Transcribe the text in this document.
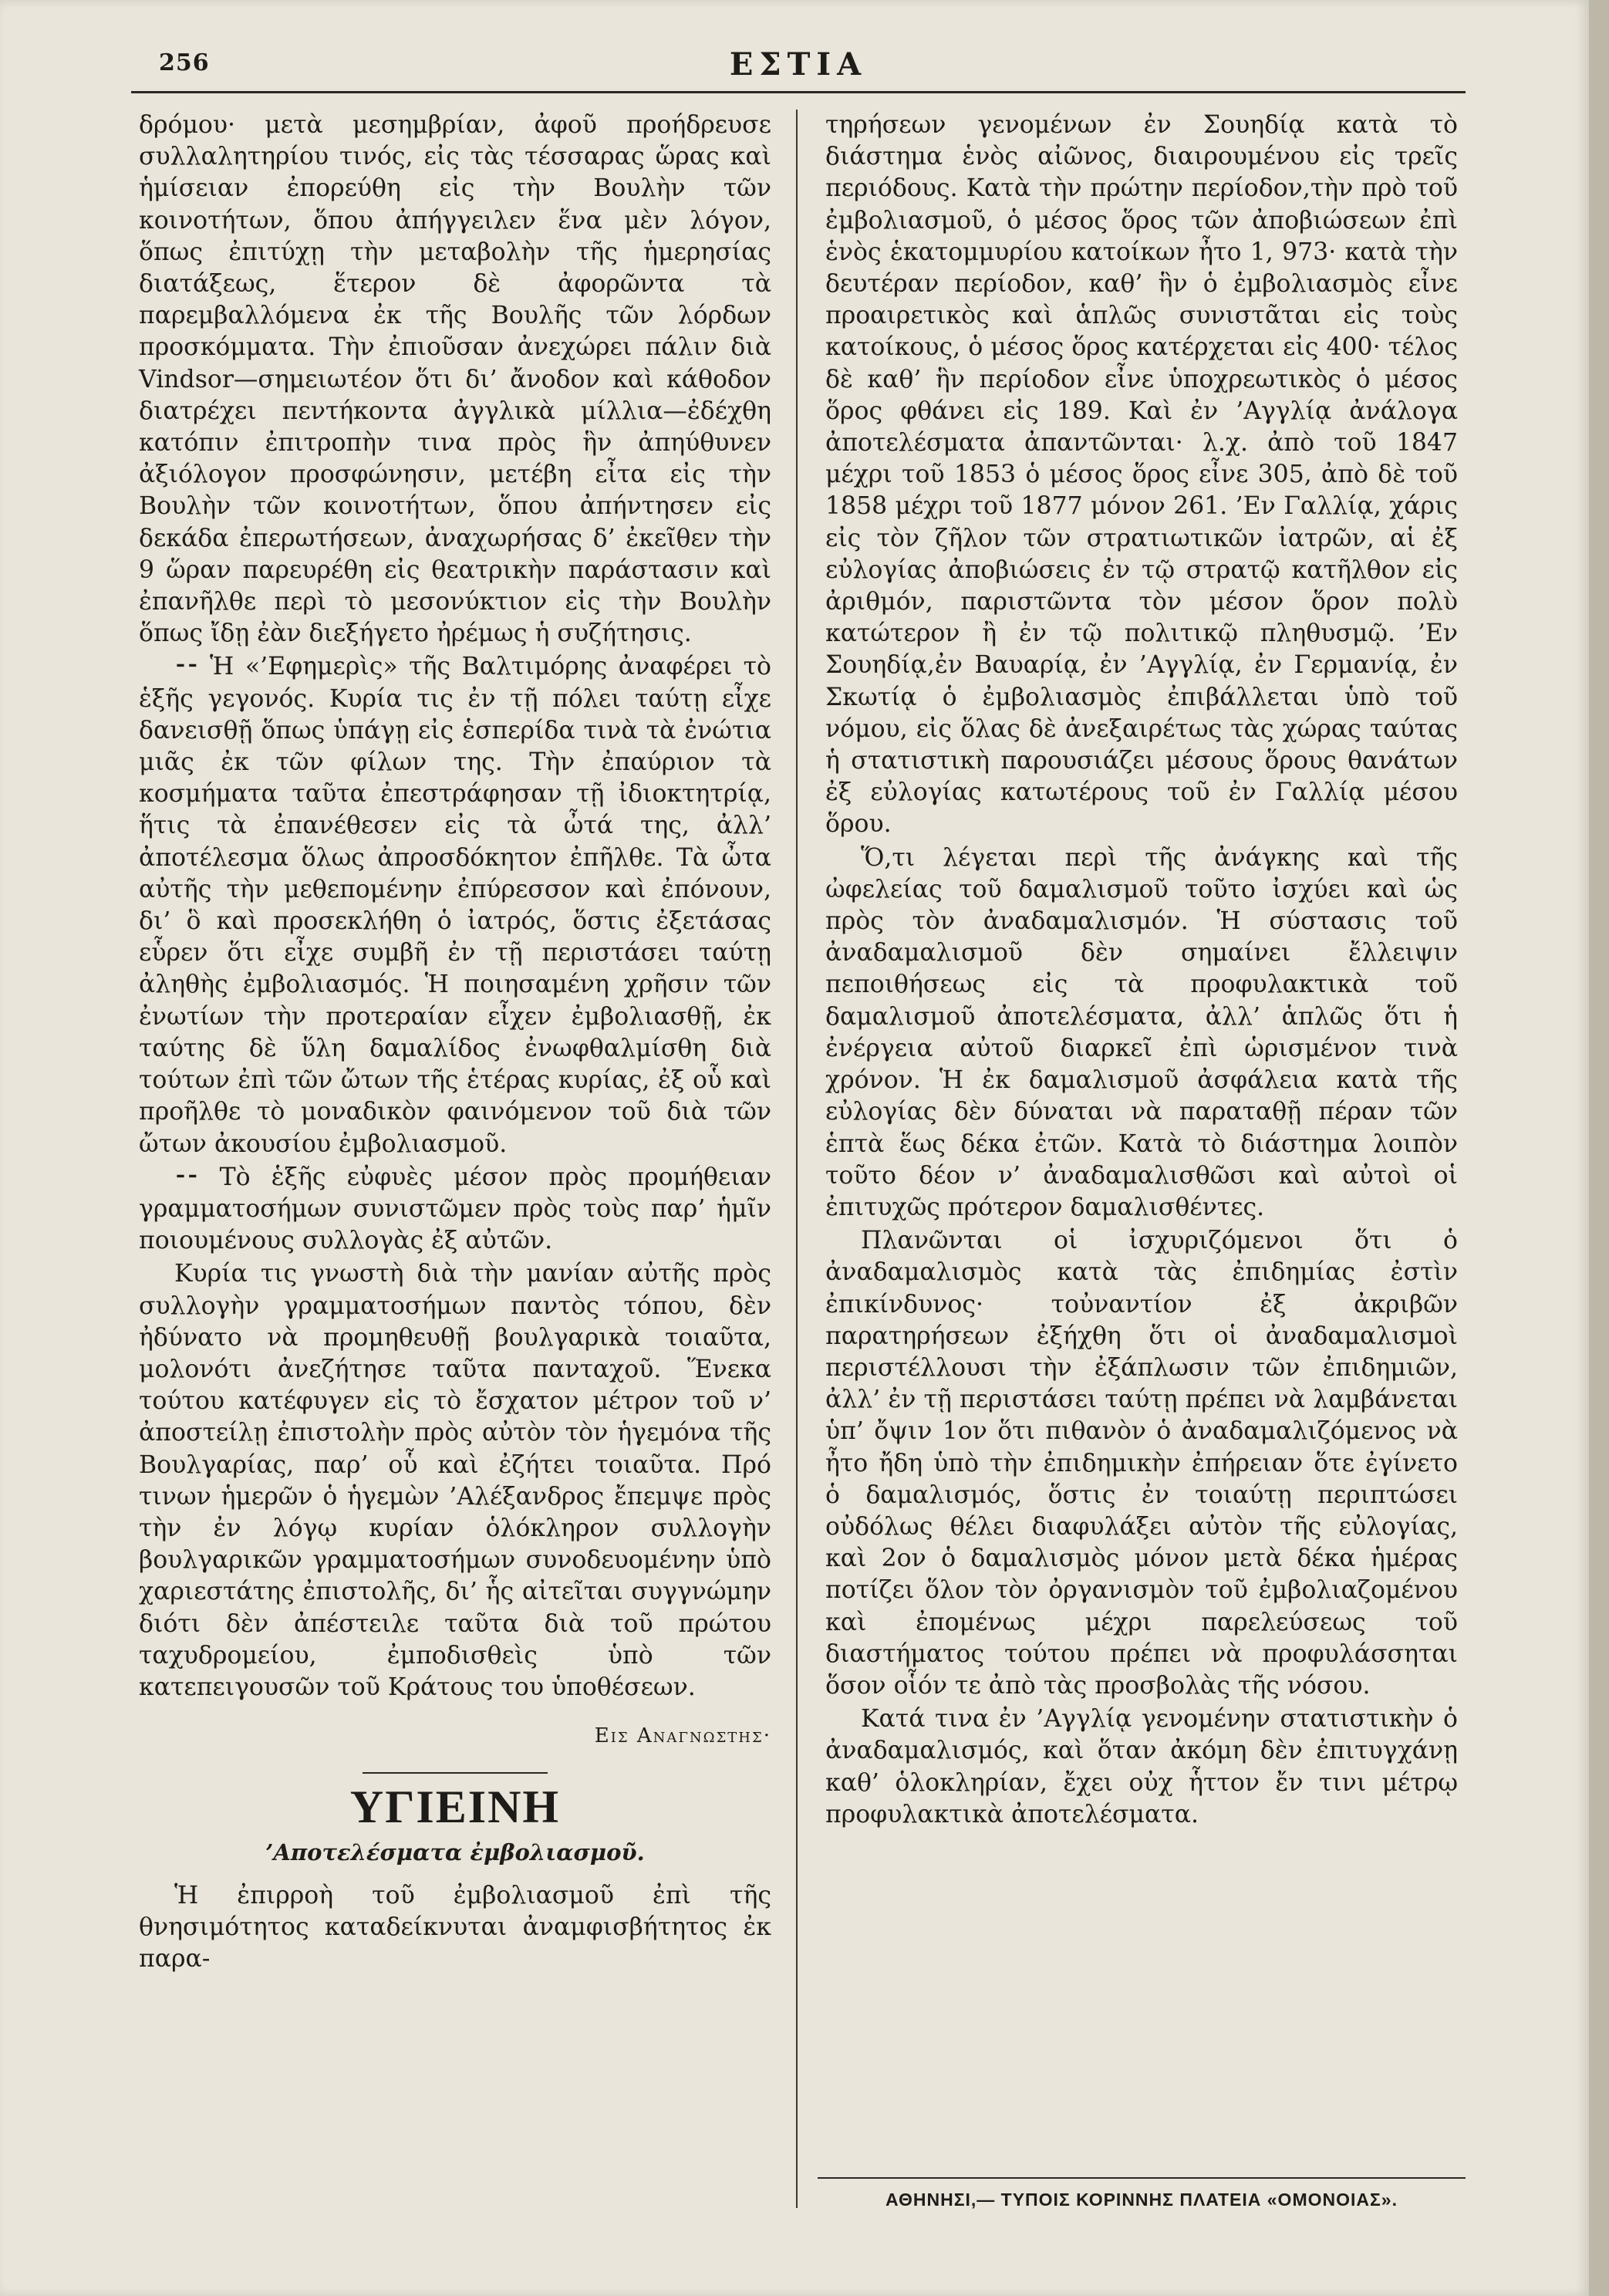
256	ΕΣΤΙΑ

δρόμου· μετὰ μεσημβρίαν, ἀφοῦ προήδρευσε συλλαλητηρίου τινός, εἰς τὰς τέσσαρας ὥρας καὶ ἡμίσειαν ἐπορεύθη εἰς τὴν Βουλὴν τῶν κοινοτήτων, ὅπου ἀπήγγειλεν ἕνα μὲν λόγον, ὅπως ἐπιτύχῃ τὴν μεταβολὴν τῆς ἡμερησίας διατάξεως, ἕτερον δὲ ἀφορῶντα τὰ παρεμβαλλόμενα ἐκ τῆς Βουλῆς τῶν λόρδων προσκόμματα. Τὴν ἐπιοῦσαν ἀνεχώρει πάλιν διὰ Vindsor—σημειωτέον ὅτι δι’ ἄνοδον καὶ κάθοδον διατρέχει πεντήκοντα ἀγγλικὰ μίλλια—ἐδέχθη κατόπιν ἐπιτροπὴν τινα πρὸς ἣν ἀπηύθυνεν ἀξιόλογον προσφώνησιν, μετέβη εἶτα εἰς τὴν Βουλὴν τῶν κοινοτήτων, ὅπου ἀπήντησεν εἰς δεκάδα ἐπερωτήσεων, ἀναχωρήσας δ’ ἐκεῖθεν τὴν 9 ὥραν παρευρέθη εἰς θεατρικὴν παράστασιν καὶ ἐπανῆλθε περὶ τὸ μεσονύκτιον εἰς τὴν Βουλὴν ὅπως ἴδῃ ἐὰν διεξήγετο ἠρέμως ἡ συζήτησις.

⁃⁃ Ἡ «’Εφημερὶς» τῆς Βαλτιμόρης ἀναφέρει τὸ ἑξῆς γεγονός. Κυρία τις ἐν τῇ πόλει ταύτῃ εἶχε δανεισθῇ ὅπως ὑπάγῃ εἰς ἑσπερίδα τινὰ τὰ ἐνώτια μιᾶς ἐκ τῶν φίλων της. Τὴν ἐπαύριον τὰ κοσμήματα ταῦτα ἐπεστράφησαν τῇ ἰδιοκτητρίᾳ, ἥτις τὰ ἐπανέθεσεν εἰς τὰ ὦτά της, ἀλλ’ ἀποτέλεσμα ὅλως ἀπροσδόκητον ἐπῆλθε. Τὰ ὦτα αὐτῆς τὴν μεθεπομένην ἐπύρεσσον καὶ ἐπόνουν, δι’ ὃ καὶ προσεκλήθη ὁ ἰατρός, ὅστις ἐξετάσας εὗρεν ὅτι εἶχε συμβῆ ἐν τῇ περιστάσει ταύτῃ ἀληθὴς ἐμβολιασμός. Ἡ ποιησαμένη χρῆσιν τῶν ἐνωτίων τὴν προτεραίαν εἶχεν ἐμβολιασθῇ, ἐκ ταύτης δὲ ὕλη δαμαλίδος ἐνωφθαλμίσθη διὰ τούτων ἐπὶ τῶν ὤτων τῆς ἑτέρας κυρίας, ἐξ οὗ καὶ προῆλθε τὸ μοναδικὸν φαινόμενον τοῦ διὰ τῶν ὤτων ἀκουσίου ἐμβολιασμοῦ.

⁃⁃ Τὸ ἑξῆς εὐφυὲς μέσον πρὸς προμήθειαν γραμματοσήμων συνιστῶμεν πρὸς τοὺς παρ’ ἡμῖν ποιουμένους συλλογὰς ἐξ αὐτῶν.

Κυρία τις γνωστὴ διὰ τὴν μανίαν αὐτῆς πρὸς συλλογὴν γραμματοσήμων παντὸς τόπου, δὲν ἠδύνατο νὰ προμηθευθῇ βουλγαρικὰ τοιαῦτα, μολονότι ἀνεζήτησε ταῦτα πανταχοῦ. Ἕνεκα τούτου κατέφυγεν εἰς τὸ ἔσχατον μέτρον τοῦ ν’ ἀποστείλῃ ἐπιστολὴν πρὸς αὐτὸν τὸν ἡγεμόνα τῆς Βουλγαρίας, παρ’ οὗ καὶ ἐζήτει τοιαῦτα. Πρό τινων ἡμερῶν ὁ ἡγεμὼν ’Αλέξανδρος ἔπεμψε πρὸς τὴν ἐν λόγῳ κυρίαν ὁλόκληρον συλλογὴν βουλγαρικῶν γραμματοσήμων συνοδευομένην ὑπὸ χαριεστάτης ἐπιστολῆς, δι’ ἧς αἰτεῖται συγγνώμην διότι δὲν ἀπέστειλε ταῦτα διὰ τοῦ πρώτου ταχυδρομείου, ἐμποδισθεὶς ὑπὸ τῶν κατεπειγουσῶν τοῦ Κράτους του ὑποθέσεων.

Εις Αναγνωστης·

ΥΓΙΕΙΝΗ

’Αποτελέσματα ἐμβολιασμοῦ.

Ἡ ἐπιρροὴ τοῦ ἐμβολιασμοῦ ἐπὶ τῆς θνησιμότητος καταδείκνυται ἀναμφισβήτητος ἐκ παρα-

τηρήσεων γενομένων ἐν Σουηδίᾳ κατὰ τὸ διάστημα ἑνὸς αἰῶνος, διαιρουμένου εἰς τρεῖς περιόδους. Κατὰ τὴν πρώτην περίοδον,τὴν πρὸ τοῦ ἐμβολιασμοῦ, ὁ μέσος ὅρος τῶν ἀποβιώσεων ἐπὶ ἑνὸς ἑκατομμυρίου κατοίκων ἦτο 1, 973· κατὰ τὴν δευτέραν περίοδον, καθ’ ἣν ὁ ἐμβολιασμὸς εἶνε προαιρετικὸς καὶ ἁπλῶς συνιστᾶται εἰς τοὺς κατοίκους, ὁ μέσος ὅρος κατέρχεται εἰς 400· τέλος δὲ καθ’ ἣν περίοδον εἶνε ὑποχρεωτικὸς ὁ μέσος ὅρος φθάνει εἰς 189. Καὶ ἐν ’Αγγλίᾳ ἀνάλογα ἀποτελέσματα ἀπαντῶνται· λ.χ. ἀπὸ τοῦ 1847 μέχρι τοῦ 1853 ὁ μέσος ὅρος εἶνε 305, ἀπὸ δὲ τοῦ 1858 μέχρι τοῦ 1877 μόνον 261. ’Εν Γαλλίᾳ, χάρις εἰς τὸν ζῆλον τῶν στρατιωτικῶν ἰατρῶν, αἱ ἐξ εὐλογίας ἀποβιώσεις ἐν τῷ στρατῷ κατῆλθον εἰς ἀριθμόν, παριστῶντα τὸν μέσον ὅρον πολὺ κατώτερον ἢ ἐν τῷ πολιτικῷ πληθυσμῷ. ’Εν Σουηδίᾳ,ἐν Βαυαρίᾳ, ἐν ’Αγγλίᾳ, ἐν Γερμανίᾳ, ἐν Σκωτίᾳ ὁ ἐμβολιασμὸς ἐπιβάλλεται ὑπὸ τοῦ νόμου, εἰς ὅλας δὲ ἀνεξαιρέτως τὰς χώρας ταύτας ἡ στατιστικὴ παρουσιάζει μέσους ὅρους θανάτων ἐξ εὐλογίας κατωτέρους τοῦ ἐν Γαλλίᾳ μέσου ὅρου.

Ὅ,τι λέγεται περὶ τῆς ἀνάγκης καὶ τῆς ὠφελείας τοῦ δαμαλισμοῦ τοῦτο ἰσχύει καὶ ὡς πρὸς τὸν ἀναδαμαλισμόν. Ἡ σύστασις τοῦ ἀναδαμαλισμοῦ δὲν σημαίνει ἔλλειψιν πεποιθήσεως εἰς τὰ προφυλακτικὰ τοῦ δαμαλισμοῦ ἀποτελέσματα, ἀλλ’ ἁπλῶς ὅτι ἡ ἐνέργεια αὐτοῦ διαρκεῖ ἐπὶ ὡρισμένον τινὰ χρόνον. Ἡ ἐκ δαμαλισμοῦ ἀσφάλεια κατὰ τῆς εὐλογίας δὲν δύναται νὰ παραταθῇ πέραν τῶν ἑπτὰ ἕως δέκα ἐτῶν. Κατὰ τὸ διάστημα λοιπὸν τοῦτο δέον ν’ ἀναδαμαλισθῶσι καὶ αὐτοὶ οἱ ἐπιτυχῶς πρότερον δαμαλισθέντες.

Πλανῶνται οἱ ἰσχυριζόμενοι ὅτι ὁ ἀναδαμαλισμὸς κατὰ τὰς ἐπιδημίας ἐστὶν ἐπικίνδυνος· τοὐναντίον ἐξ ἀκριβῶν παρατηρήσεων ἐξήχθη ὅτι οἱ ἀναδαμαλισμοὶ περιστέλλουσι τὴν ἐξάπλωσιν τῶν ἐπιδημιῶν, ἀλλ’ ἐν τῇ περιστάσει ταύτῃ πρέπει νὰ λαμβάνεται ὑπ’ ὄψιν 1ον ὅτι πιθανὸν ὁ ἀναδαμαλιζόμενος νὰ ἦτο ἤδη ὑπὸ τὴν ἐπιδημικὴν ἐπήρειαν ὅτε ἐγίνετο ὁ δαμαλισμός, ὅστις ἐν τοιαύτῃ περιπτώσει οὐδόλως θέλει διαφυλάξει αὐτὸν τῆς εὐλογίας, καὶ 2ον ὁ δαμαλισμὸς μόνον μετὰ δέκα ἡμέρας ποτίζει ὅλον τὸν ὀργανισμὸν τοῦ ἐμβολιαζομένου καὶ ἐπομένως μέχρι παρελεύσεως τοῦ διαστήματος τούτου πρέπει νὰ προφυλάσσηται ὅσον οἷόν τε ἀπὸ τὰς προσβολὰς τῆς νόσου.

Κατά τινα ἐν ’Αγγλίᾳ γενομένην στατιστικὴν ὁ ἀναδαμαλισμός, καὶ ὅταν ἀκόμη δὲν ἐπιτυγχάνῃ καθ’ ὁλοκληρίαν, ἔχει οὐχ ἧττον ἔν τινι μέτρῳ προφυλακτικὰ ἀποτελέσματα.

ΑΘΗΝΗΣΙ,— ΤΥΠΟΙΣ ΚΟΡΙΝΝΗΣ ΠΛΑΤΕΙΑ «ΟΜΟΝΟΙΑΣ».
